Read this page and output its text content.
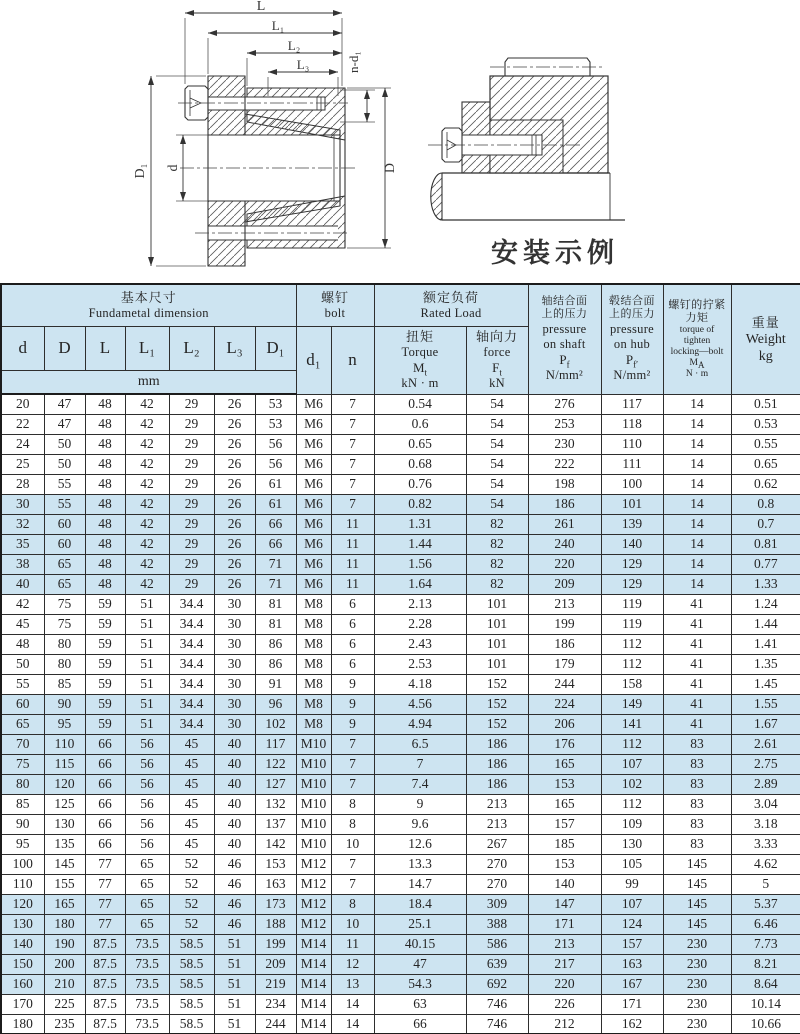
L
L₁
L₂
L₃	n-d₁
D₁ d	D
安装示例
基本尺寸
Fundametal dimension

螺钉
bolt

额定负荷
Rated Load

轴结合面
上的压力
pressure
on shaft
$P_f$
N/mm²

毂结合面
上的压力
pressure
on hub
$P_{f'}$
N/mm²

螺钉的拧紧
力矩
torque of
tighten
locking—bolt
$M_A$
N · m

重量
Weight
kg

d	D	L	L₁	L₂	L₃	D₁	d₁	n	
扭矩
Torque
$M_t$
kN · m

轴向力
force
$F_t$
kN

mm														
20	47	48	42	29	26	53	M6	7	0.54	54	276	117	14	0.51
22	47	48	42	29	26	53	M6	7	0.6	54	253	118	14	0.53
24	50	48	42	29	26	56	M6	7	0.65	54	230	110	14	0.55
25	50	48	42	29	26	56	M6	7	0.68	54	222	111	14	0.65
28	55	48	42	29	26	61	M6	7	0.76	54	198	100	14	0.62
30	55	48	42	29	26	61	M6	7	0.82	54	186	101	14	0.8
32	60	48	42	29	26	66	M6	11	1.31	82	261	139	14	0.7
35	60	48	42	29	26	66	M6	11	1.44	82	240	140	14	0.81
38	65	48	42	29	26	71	M6	11	1.56	82	220	129	14	0.77
40	65	48	42	29	26	71	M6	11	1.64	82	209	129	14	1.33
42	75	59	51	34.4	30	81	M8	6	2.13	101	213	119	41	1.24
45	75	59	51	34.4	30	81	M8	6	2.28	101	199	119	41	1.44
48	80	59	51	34.4	30	86	M8	6	2.43	101	186	112	41	1.41
50	80	59	51	34.4	30	86	M8	6	2.53	101	179	112	41	1.35
55	85	59	51	34.4	30	91	M8	9	4.18	152	244	158	41	1.45
60	90	59	51	34.4	30	96	M8	9	4.56	152	224	149	41	1.55
65	95	59	51	34.4	30	102	M8	9	4.94	152	206	141	41	1.67
70	110	66	56	45	40	117	M10	7	6.5	186	176	112	83	2.61
75	115	66	56	45	40	122	M10	7	7	186	165	107	83	2.75
80	120	66	56	45	40	127	M10	7	7.4	186	153	102	83	2.89
85	125	66	56	45	40	132	M10	8	9	213	165	112	83	3.04
90	130	66	56	45	40	137	M10	8	9.6	213	157	109	83	3.18
95	135	66	56	45	40	142	M10	10	12.6	267	185	130	83	3.33
100	145	77	65	52	46	153	M12	7	13.3	270	153	105	145	4.62
110	155	77	65	52	46	163	M12	7	14.7	270	140	99	145	5
120	165	77	65	52	46	173	M12	8	18.4	309	147	107	145	5.37
130	180	77	65	52	46	188	M12	10	25.1	388	171	124	145	6.46
140	190	87.5	73.5	58.5	51	199	M14	11	40.15	586	213	157	230	7.73
150	200	87.5	73.5	58.5	51	209	M14	12	47	639	217	163	230	8.21
160	210	87.5	73.5	58.5	51	219	M14	13	54.3	692	220	167	230	8.64
170	225	87.5	73.5	58.5	51	234	M14	14	63	746	226	171	230	10.14
180	235	87.5	73.5	58.5	51	244	M14	14	66	746	212	162	230	10.66
